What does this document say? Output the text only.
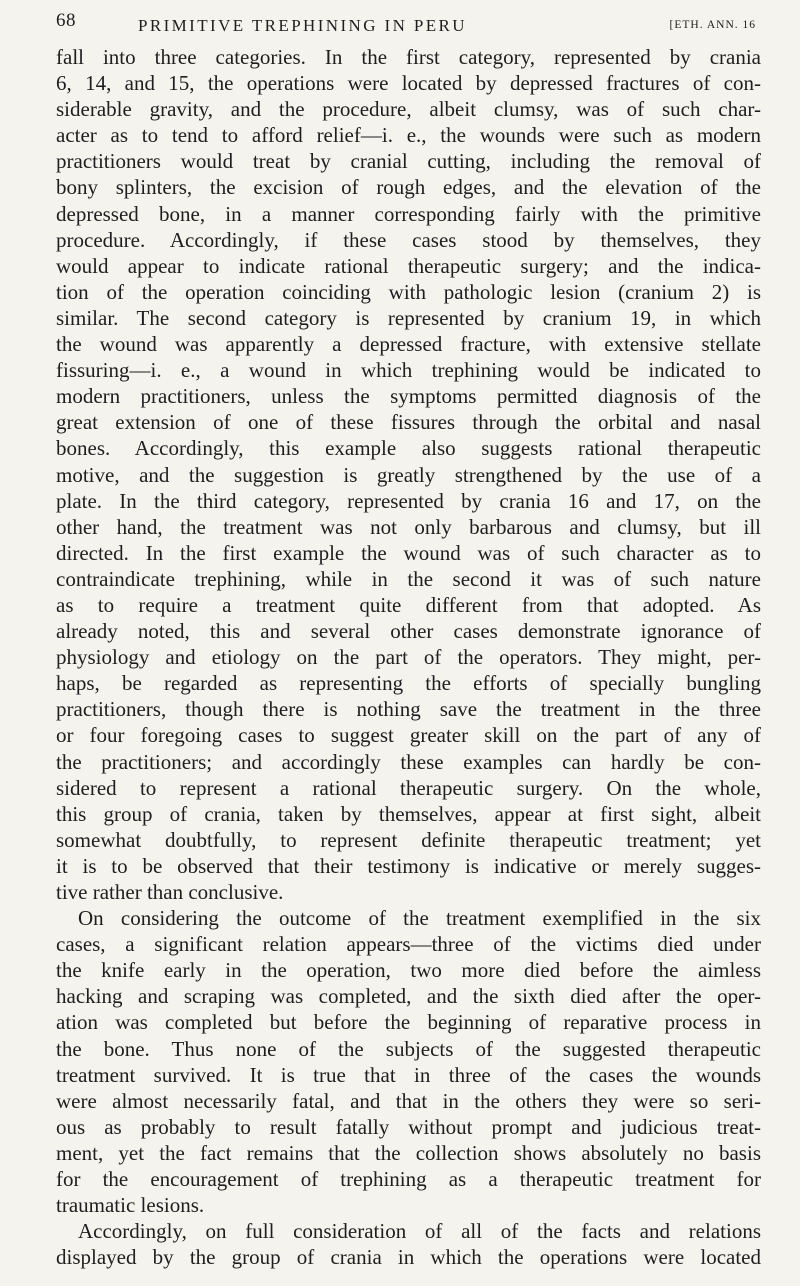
68	PRIMITIVE TREPHINING IN PERU	[ETH. ANN. 16
fall into three categories. In the first category, represented by crania
6, 14, and 15, the operations were located by depressed fractures of con-
siderable gravity, and the procedure, albeit clumsy, was of such char-
acter as to tend to afford relief—i. e., the wounds were such as modern
practitioners would treat by cranial cutting, including the removal of
bony splinters, the excision of rough edges, and the elevation of the
depressed bone, in a manner corresponding fairly with the primitive
procedure. Accordingly, if these cases stood by themselves, they
would appear to indicate rational therapeutic surgery; and the indica-
tion of the operation coinciding with pathologic lesion (cranium 2) is
similar. The second category is represented by cranium 19, in which
the wound was apparently a depressed fracture, with extensive stellate
fissuring—i. e., a wound in which trephining would be indicated to
modern practitioners, unless the symptoms permitted diagnosis of the
great extension of one of these fissures through the orbital and nasal
bones. Accordingly, this example also suggests rational therapeutic
motive, and the suggestion is greatly strengthened by the use of a
plate. In the third category, represented by crania 16 and 17, on the
other hand, the treatment was not only barbarous and clumsy, but ill
directed. In the first example the wound was of such character as to
contraindicate trephining, while in the second it was of such nature
as to require a treatment quite different from that adopted. As
already noted, this and several other cases demonstrate ignorance of
physiology and etiology on the part of the operators. They might, per-
haps, be regarded as representing the efforts of specially bungling
practitioners, though there is nothing save the treatment in the three
or four foregoing cases to suggest greater skill on the part of any of
the practitioners; and accordingly these examples can hardly be con-
sidered to represent a rational therapeutic surgery. On the whole,
this group of crania, taken by themselves, appear at first sight, albeit
somewhat doubtfully, to represent definite therapeutic treatment; yet
it is to be observed that their testimony is indicative or merely sugges-
tive rather than conclusive.
On considering the outcome of the treatment exemplified in the six
cases, a significant relation appears—three of the victims died under
the knife early in the operation, two more died before the aimless
hacking and scraping was completed, and the sixth died after the oper-
ation was completed but before the beginning of reparative process in
the bone. Thus none of the subjects of the suggested therapeutic
treatment survived. It is true that in three of the cases the wounds
were almost necessarily fatal, and that in the others they were so seri-
ous as probably to result fatally without prompt and judicious treat-
ment, yet the fact remains that the collection shows absolutely no basis
for the encouragement of trephining as a therapeutic treatment for
traumatic lesions.
Accordingly, on full consideration of all of the facts and relations
displayed by the group of crania in which the operations were located
